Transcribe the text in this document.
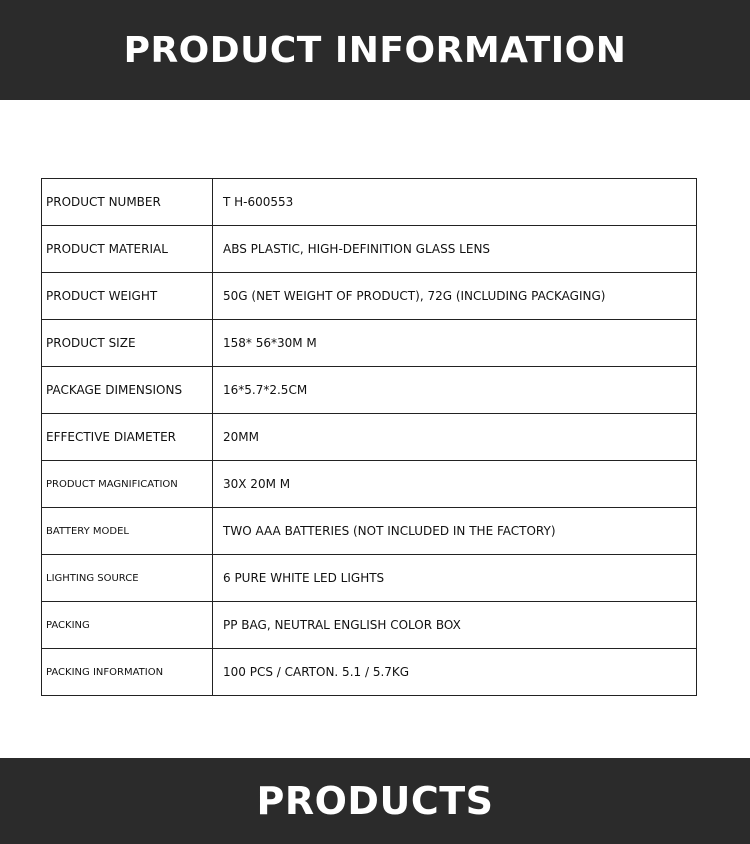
PRODUCT INFORMATION
PRODUCT NUMBER	T H-600553
PRODUCT MATERIAL	ABS PLASTIC, HIGH-DEFINITION GLASS LENS
PRODUCT WEIGHT	50G (NET WEIGHT OF PRODUCT), 72G (INCLUDING PACKAGING)
PRODUCT SIZE	158* 56*30M M
PACKAGE DIMENSIONS	16*5.7*2.5CM
EFFECTIVE DIAMETER	20MM
PRODUCT MAGNIFICATION	30X 20M M
BATTERY MODEL	TWO AAA BATTERIES (NOT INCLUDED IN THE FACTORY)
LIGHTING SOURCE	6 PURE WHITE LED LIGHTS
PACKING	PP BAG, NEUTRAL ENGLISH COLOR BOX
PACKING INFORMATION	100 PCS / CARTON. 5.1 / 5.7KG
PRODUCTS
